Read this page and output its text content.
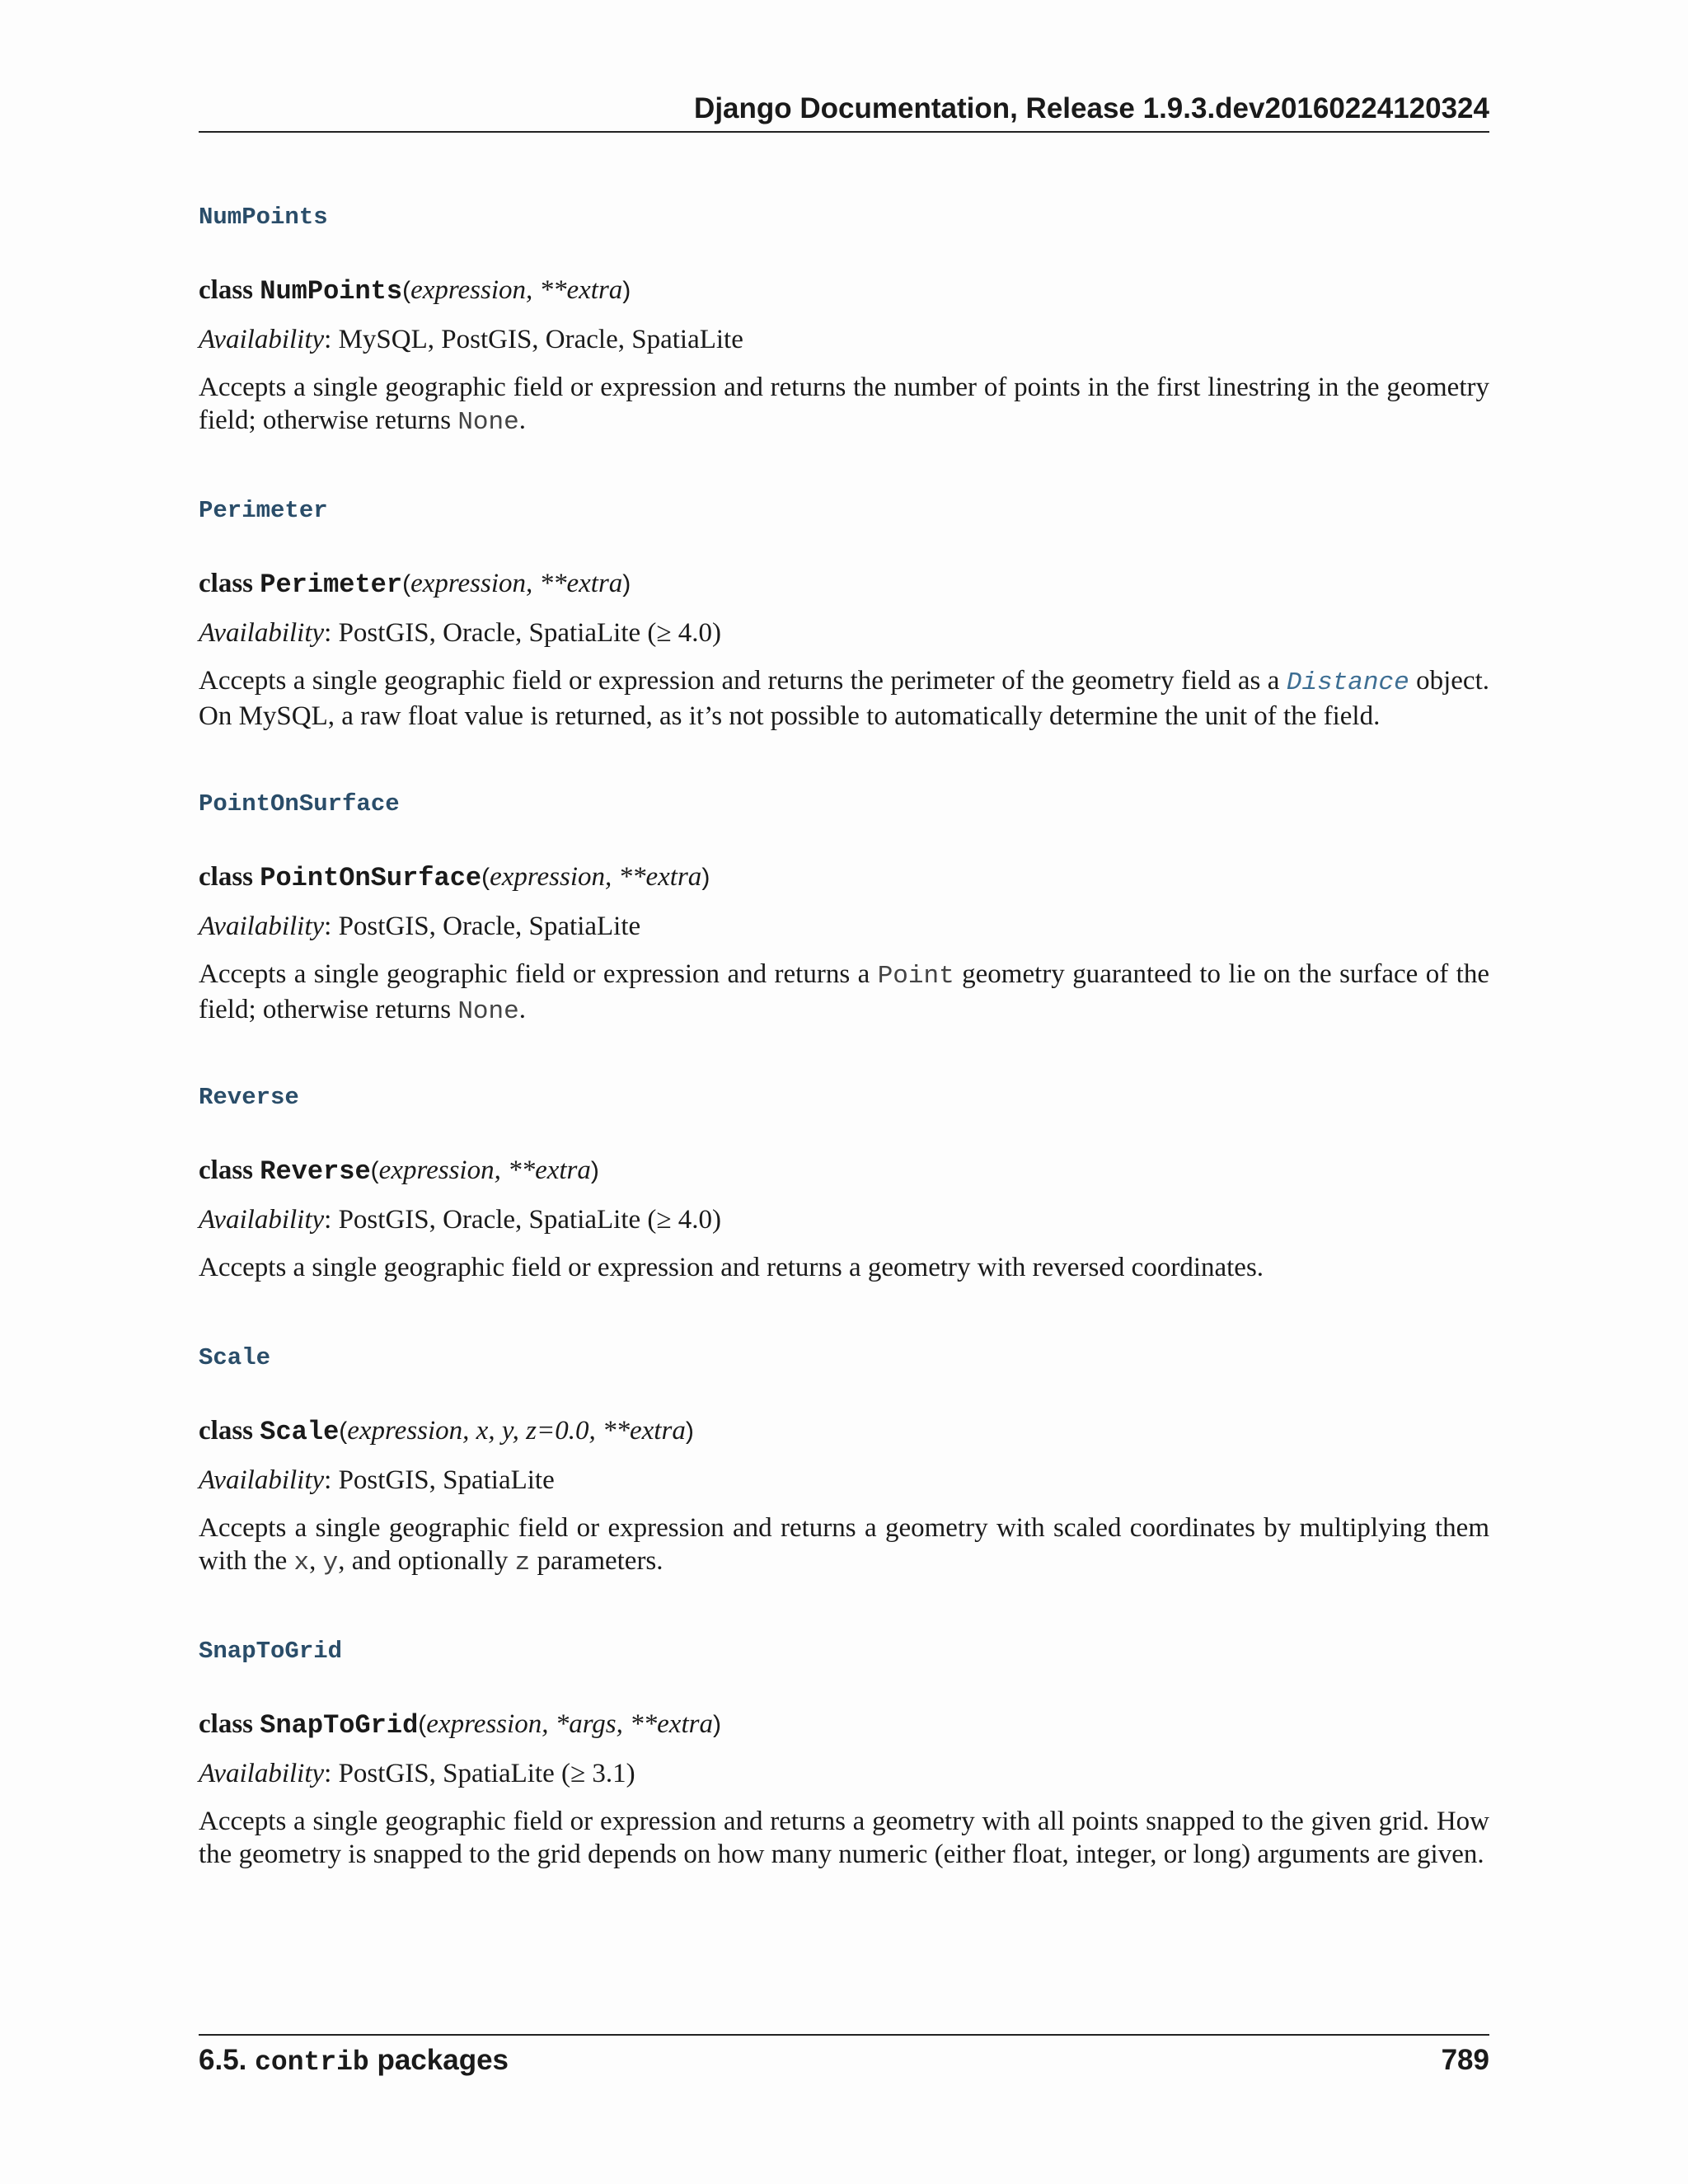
Django Documentation, Release 1.9.3.dev20160224120324
NumPoints
class NumPoints(expression, **extra)
Availability: MySQL, PostGIS, Oracle, SpatiaLite
Accepts a single geographic field or expression and returns the number of points in the first linestring in the geometry field; otherwise returns None.
Perimeter
class Perimeter(expression, **extra)
Availability: PostGIS, Oracle, SpatiaLite (≥ 4.0)
Accepts a single geographic field or expression and returns the perimeter of the geometry field as a Distance object. On MySQL, a raw float value is returned, as it’s not possible to automatically determine the unit of the field.
PointOnSurface
class PointOnSurface(expression, **extra)
Availability: PostGIS, Oracle, SpatiaLite
Accepts a single geographic field or expression and returns a Point geometry guaranteed to lie on the surface of the field; otherwise returns None.
Reverse
class Reverse(expression, **extra)
Availability: PostGIS, Oracle, SpatiaLite (≥ 4.0)
Accepts a single geographic field or expression and returns a geometry with reversed coordinates.
Scale
class Scale(expression, x, y, z=0.0, **extra)
Availability: PostGIS, SpatiaLite
Accepts a single geographic field or expression and returns a geometry with scaled coordinates by multiplying them with the x, y, and optionally z parameters.
SnapToGrid
class SnapToGrid(expression, *args, **extra)
Availability: PostGIS, SpatiaLite (≥ 3.1)
Accepts a single geographic field or expression and returns a geometry with all points snapped to the given grid. How the geometry is snapped to the grid depends on how many numeric (either float, integer, or long) arguments are given.
6.5. contrib packages	789
